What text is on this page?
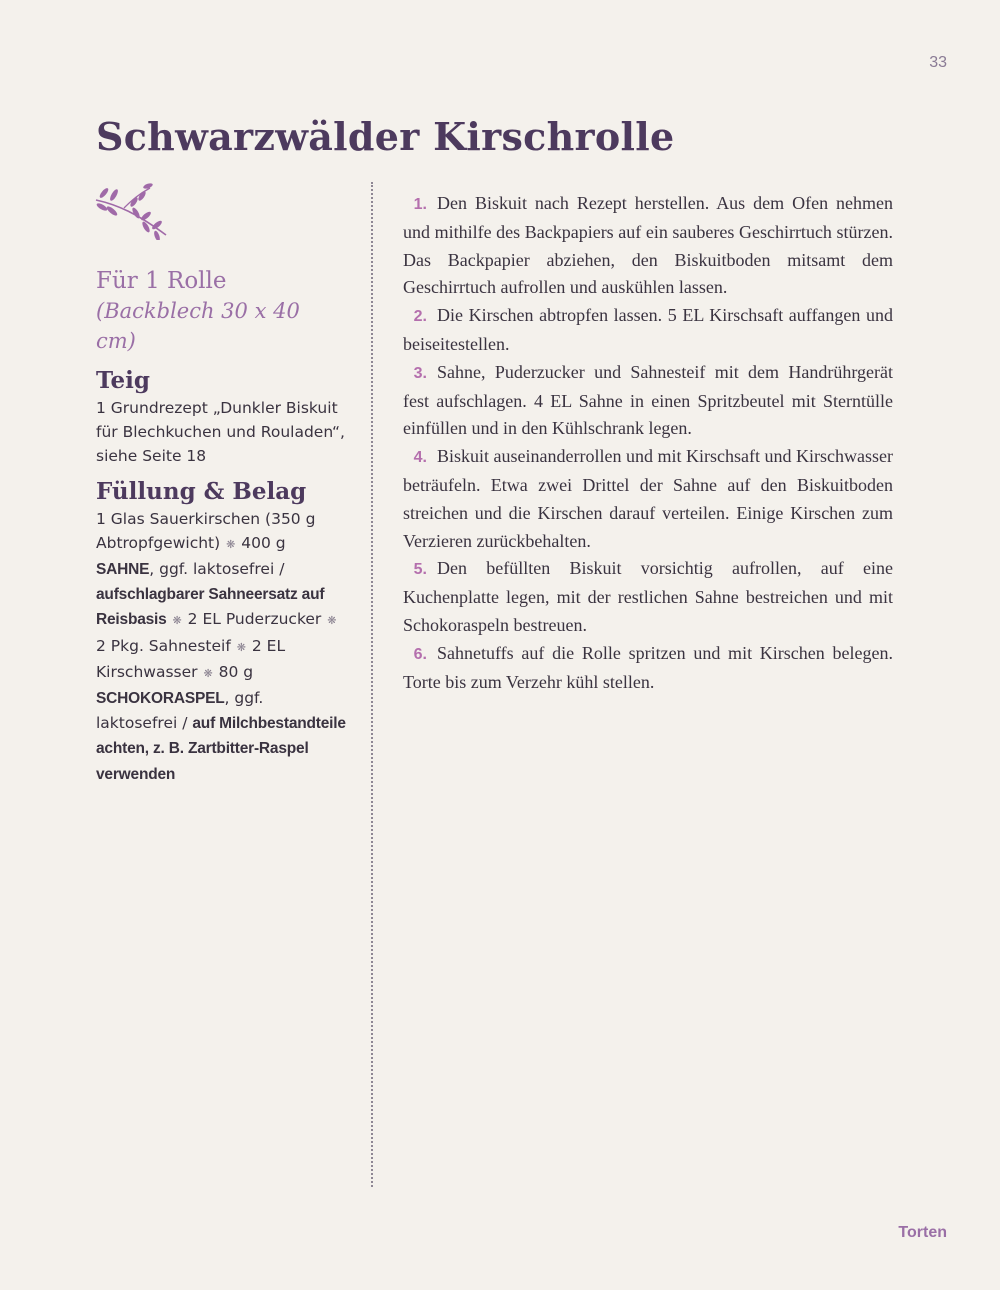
33
Schwarzwälder Kirschrolle

Für 1 Rolle

(Backblech 30 x 40 cm)

Teig

1 Grundrezept „Dunkler Biskuit für Blechkuchen und Rouladen“, siehe Seite 18

Füllung & Belag

1 Glas Sauerkirschen (350 g Abtropfgewicht) ❋ 400 g SAHNE, ggf. laktosefrei / aufschlagbarer Sahneersatz auf Reisbasis ❋ 2 EL Puderzucker ❋ 2 Pkg. Sahnesteif ❋ 2 EL Kirschwasser ❋ 80 g SCHOKORASPEL, ggf. laktosefrei / auf Milchbestandteile achten, z. B. Zartbitter-Raspel verwenden

1. Den Biskuit nach Rezept herstellen. Aus dem Ofen nehmen und mithilfe des Backpapiers auf ein sauberes Geschirrtuch stürzen. Das Backpapier abziehen, den Biskuitboden mitsamt dem Geschirrtuch aufrollen und auskühlen lassen.

2. Die Kirschen abtropfen lassen. 5 EL Kirschsaft auffangen und beiseitestellen.

3. Sahne, Puderzucker und Sahnesteif mit dem Handrührgerät fest aufschlagen. 4 EL Sahne in einen Spritzbeutel mit Sterntülle einfüllen und in den Kühlschrank legen.

4. Biskuit auseinanderrollen und mit Kirschsaft und Kirschwasser beträufeln. Etwa zwei Drittel der Sahne auf den Biskuitboden streichen und die Kirschen darauf verteilen. Einige Kirschen zum Verzieren zurückbehalten.

5. Den befüllten Biskuit vorsichtig aufrollen, auf eine Kuchenplatte legen, mit der restlichen Sahne bestreichen und mit Schokoraspeln bestreuen.

6. Sahnetuffs auf die Rolle spritzen und mit Kirschen belegen. Torte bis zum Verzehr kühl stellen.

Torten
